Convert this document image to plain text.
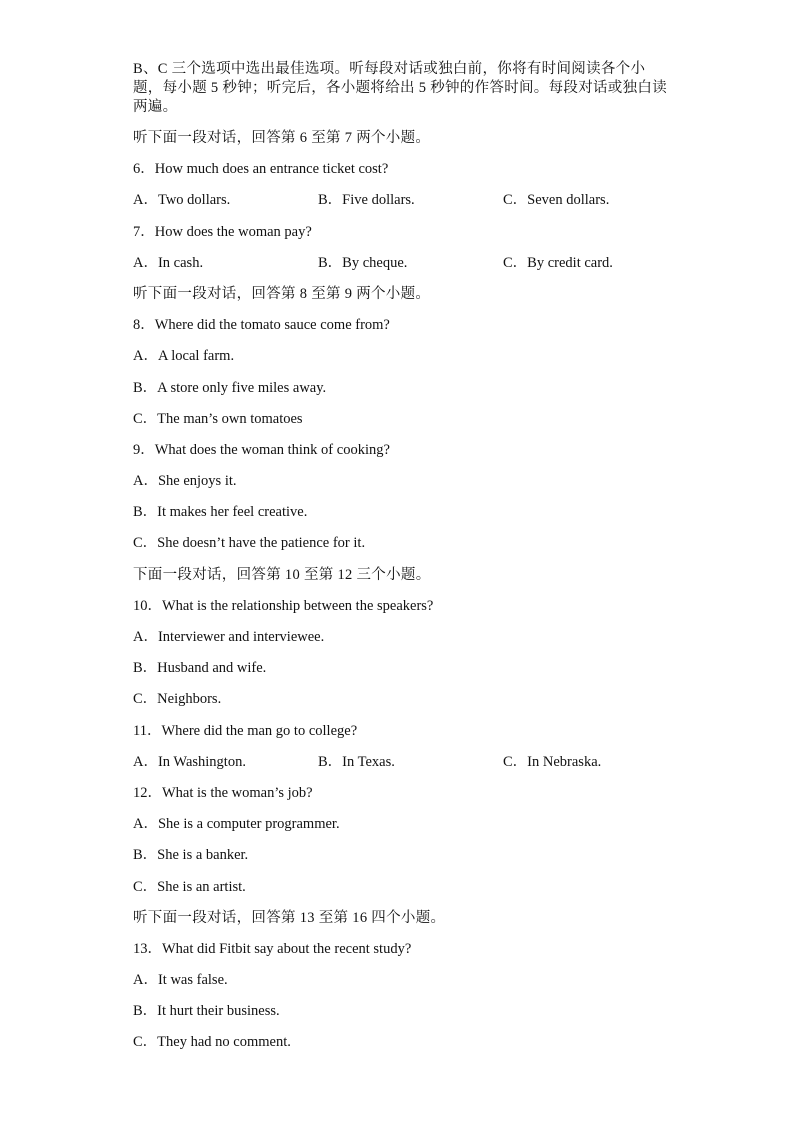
B、C 三个选项中选出最佳选项。听每段对话或独白前，你将有时间阅读各个小题，每小题 5 秒钟；听完后，各小题将给出 5 秒钟的作答时间。每段对话或独白读两遍。

听下面一段对话，回答第 6 至第 7 两个小题。
6．How much does an entrance ticket cost?
A．Two dollars.	B．Five dollars.	C．Seven dollars.
7．How does the woman pay?
A．In cash.	B．By cheque.	C．By credit card.
听下面一段对话，回答第 8 至第 9 两个小题。
8．Where did the tomato sauce come from?
A．A local farm.
B．A store only five miles away.
C．The man’s own tomatoes
9．What does the woman think of cooking?
A．She enjoys it.
B．It makes her feel creative.
C．She doesn’t have the patience for it.
下面一段对话，回答第 10 至第 12 三个小题。
10．What is the relationship between the speakers?
A．Interviewer and interviewee.
B．Husband and wife.
C．Neighbors.
11．Where did the man go to college?
A．In Washington.	B．In Texas.	C．In Nebraska.
12．What is the woman’s job?
A．She is a computer programmer.
B．She is a banker.
C．She is an artist.
听下面一段对话，回答第 13 至第 16 四个小题。
13．What did Fitbit say about the recent study?
A．It was false.
B．It hurt their business.
C．They had no comment.
